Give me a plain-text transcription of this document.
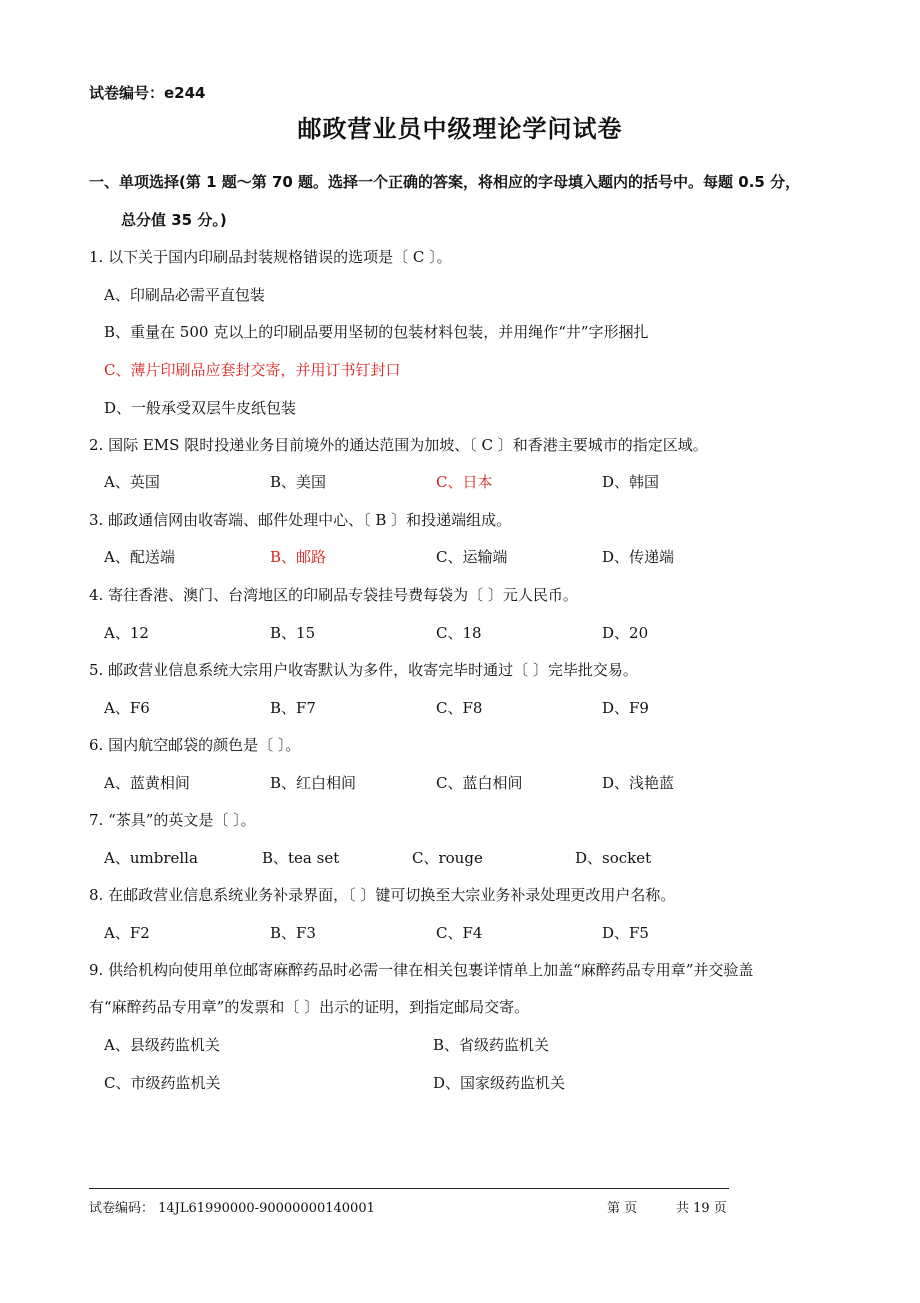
试卷编号：e244
邮政营业员中级理论学问试卷
一、单项选择(第 1 题～第 70 题。选择一个正确的答案，将相应的字母填入题内的括号中。每题 0.5 分，
总分值 35 分。)
1. 以下关于国内印刷品封装规格错误的选项是〔 C 〕。
A、印刷品必需平直包装
B、重量在 500 克以上的印刷品要用坚韧的包装材料包装，并用绳作“井”字形捆扎
C、薄片印刷品应套封交寄，并用订书钉封口
D、一般承受双层牛皮纸包装
2. 国际 EMS 限时投递业务目前境外的通达范围为加坡、〔 C 〕和香港主要城市的指定区域。
A、英国	B、美国	C、日本	D、韩国
3. 邮政通信网由收寄端、邮件处理中心、〔 B 〕和投递端组成。
A、配送端	B、邮路	C、运输端	D、传递端
4. 寄往香港、澳门、台湾地区的印刷品专袋挂号费每袋为〔 〕元人民币。
A、12	B、15	C、18	D、20
5. 邮政营业信息系统大宗用户收寄默认为多件，收寄完毕时通过〔 〕完毕批交易。
A、F6	B、F7	C、F8	D、F9
6. 国内航空邮袋的颜色是〔 〕。
A、蓝黄相间	B、红白相间	C、蓝白相间	D、浅艳蓝
7. “茶具”的英文是〔 〕。
A、umbrella	B、tea set	C、rouge	D、socket
8. 在邮政营业信息系统业务补录界面，〔 〕键可切换至大宗业务补录处理更改用户名称。
A、F2	B、F3	C、F4	D、F5
9. 供给机构向使用单位邮寄麻醉药品时必需一律在相关包裹详情单上加盖“麻醉药品专用章”并交验盖
有“麻醉药品专用章”的发票和〔 〕出示的证明，到指定邮局交寄。
A、县级药监机关	B、省级药监机关
C、市级药监机关	D、国家级药监机关
试卷编码： 14JL61990000-90000000140001	第 页	共 19 页
